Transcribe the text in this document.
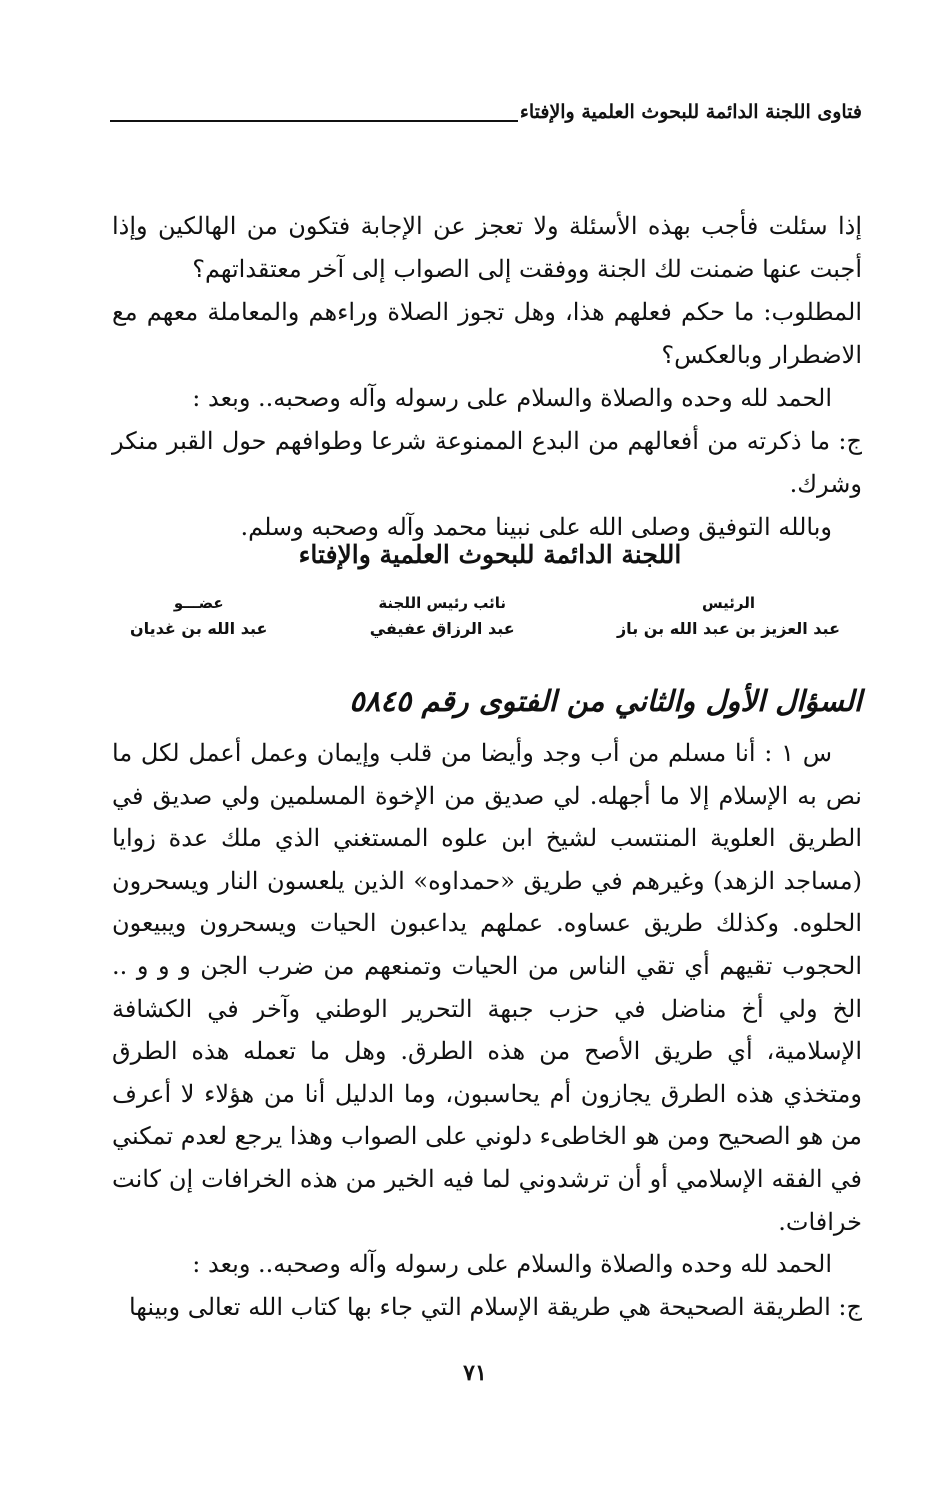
فتاوى اللجنة الدائمة للبحوث العلمية والإفتاء

إذا سئلت فأجب بهذه الأسئلة ولا تعجز عن الإجابة فتكون من الهالكين وإذا أجبت عنها ضمنت لك الجنة ووفقت إلى الصواب إلى آخر معتقداتهم؟

المطلوب: ما حكم فعلهم هذا، وهل تجوز الصلاة وراءهم والمعاملة معهم مع الاضطرار وبالعكس؟

الحمد لله وحده والصلاة والسلام على رسوله وآله وصحبه.. وبعد :

ج: ما ذكرته من أفعالهم من البدع الممنوعة شرعا وطوافهم حول القبر منكر وشرك.

وبالله التوفيق وصلى الله على نبينا محمد وآله وصحبه وسلم.

اللجنة الدائمة للبحوث العلمية والإفتاء
الرئيس
عبد العزيز بن عبد الله بن باز
نائب رئيس اللجنة
عبد الرزاق عفيفي
عضـــو
عبد الله بن غديان
السؤال الأول والثاني من الفتوى رقم ٥٨٤٥

س ١ : أنا مسلم من أب وجد وأيضا من قلب وإيمان وعمل أعمل لكل ما نص به الإسلام إلا ما أجهله. لي صديق من الإخوة المسلمين ولي صديق في الطريق العلوية المنتسب لشيخ ابن علوه المستغني الذي ملك عدة زوايا (مساجد الزهد) وغيرهم في طريق «حمداوه» الذين يلعسون النار ويسحرون الحلوه. وكذلك طريق عساوه. عملهم يداعبون الحيات ويسحرون ويبيعون الحجوب تقيهم أي تقي الناس من الحيات وتمنعهم من ضرب الجن و و و .. الخ ولي أخ مناضل في حزب جبهة التحرير الوطني وآخر في الكشافة الإسلامية، أي طريق الأصح من هذه الطرق. وهل ما تعمله هذه الطرق ومتخذي هذه الطرق يجازون أم يحاسبون، وما الدليل أنا من هؤلاء لا أعرف من هو الصحيح ومن هو الخاطىء دلوني على الصواب وهذا يرجع لعدم تمكني في الفقه الإسلامي أو أن ترشدوني لما فيه الخير من هذه الخرافات إن كانت خرافات.

الحمد لله وحده والصلاة والسلام على رسوله وآله وصحبه.. وبعد :

ج: الطريقة الصحيحة هي طريقة الإسلام التي جاء بها كتاب الله تعالى وبينها

٧١
